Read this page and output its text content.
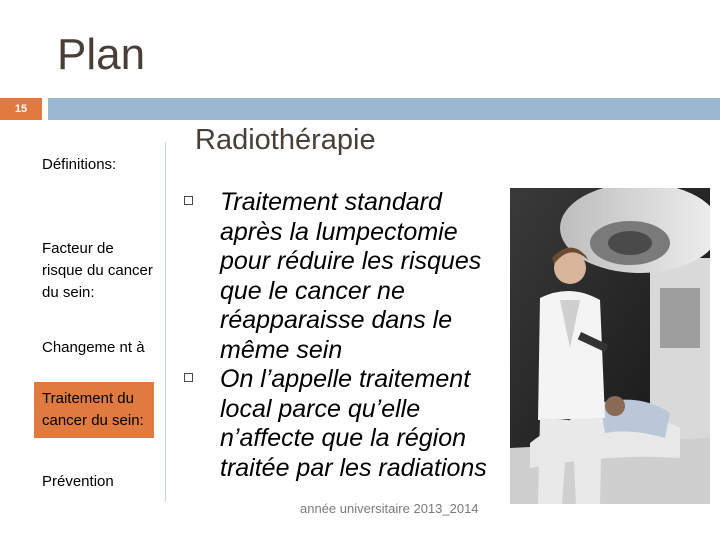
Plan
15
Définitions:
Facteur de risque du cancer du sein:
Changeme nt à
Traitement du cancer du sein:
Prévention
Radiothérapie
Traitement standard après la lumpectomie pour réduire les risques que le cancer ne réapparaisse dans le même sein
On l’appelle traitement local parce qu’elle n’affecte que la région traitée par les radiations
année universitaire 2013_2014
